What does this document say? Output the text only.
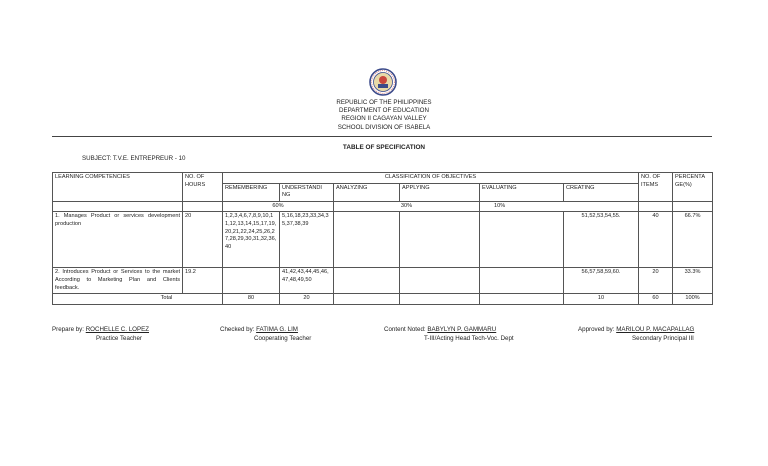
REPUBLIC OF THE PHILIPPINES
DEPARTMENT OF EDUCATION
REGION II CAGAYAN VALLEY
SCHOOL DIVISION OF ISABELA
TABLE OF SPECIFICATION
SUBJECT: T.V.E. ENTREPREUR - 10
LEARNING COMPETENCIES	NO. OF HOURS	CLASSIFICATION OF OBJECTIVES						NO. OF ITEMS	PERCENTA GE(%)
		REMEMBERING	UNDERSTANDI NG	ANALYZING	APPLYING	EVALUATING	CREATING		
		60%		30%		10%			
1. Manages Product or services development production	20	1,2,3,4,6,7,8,9,10,11,12,13,14,15,17,19,20,21,22,24,25,26,27,28,29,30,31,32,36,40	5,16,18,23,33,34,35,37,38,39				51,52,53,54,55.	40	66.7%
2. Introduces Product or Services to the market According to Marketing Plan and Clients feedback.	19.2		41,42,43,44,45,46,47,48,49,50				56,57,58,59,60.	20	33.3%
Total		80	20				10	60	100%
Prepare by: ROCHELLE C. LOPEZ
Practice Teacher
Checked by: FATIMA G. LIM
Cooperating Teacher
Content Noted: BABYLYN P. GAMMARU
T-III/Acting Head Tech-Voc. Dept
Approved by: MARILOU P. MACAPALLAG
Secondary Principal III
